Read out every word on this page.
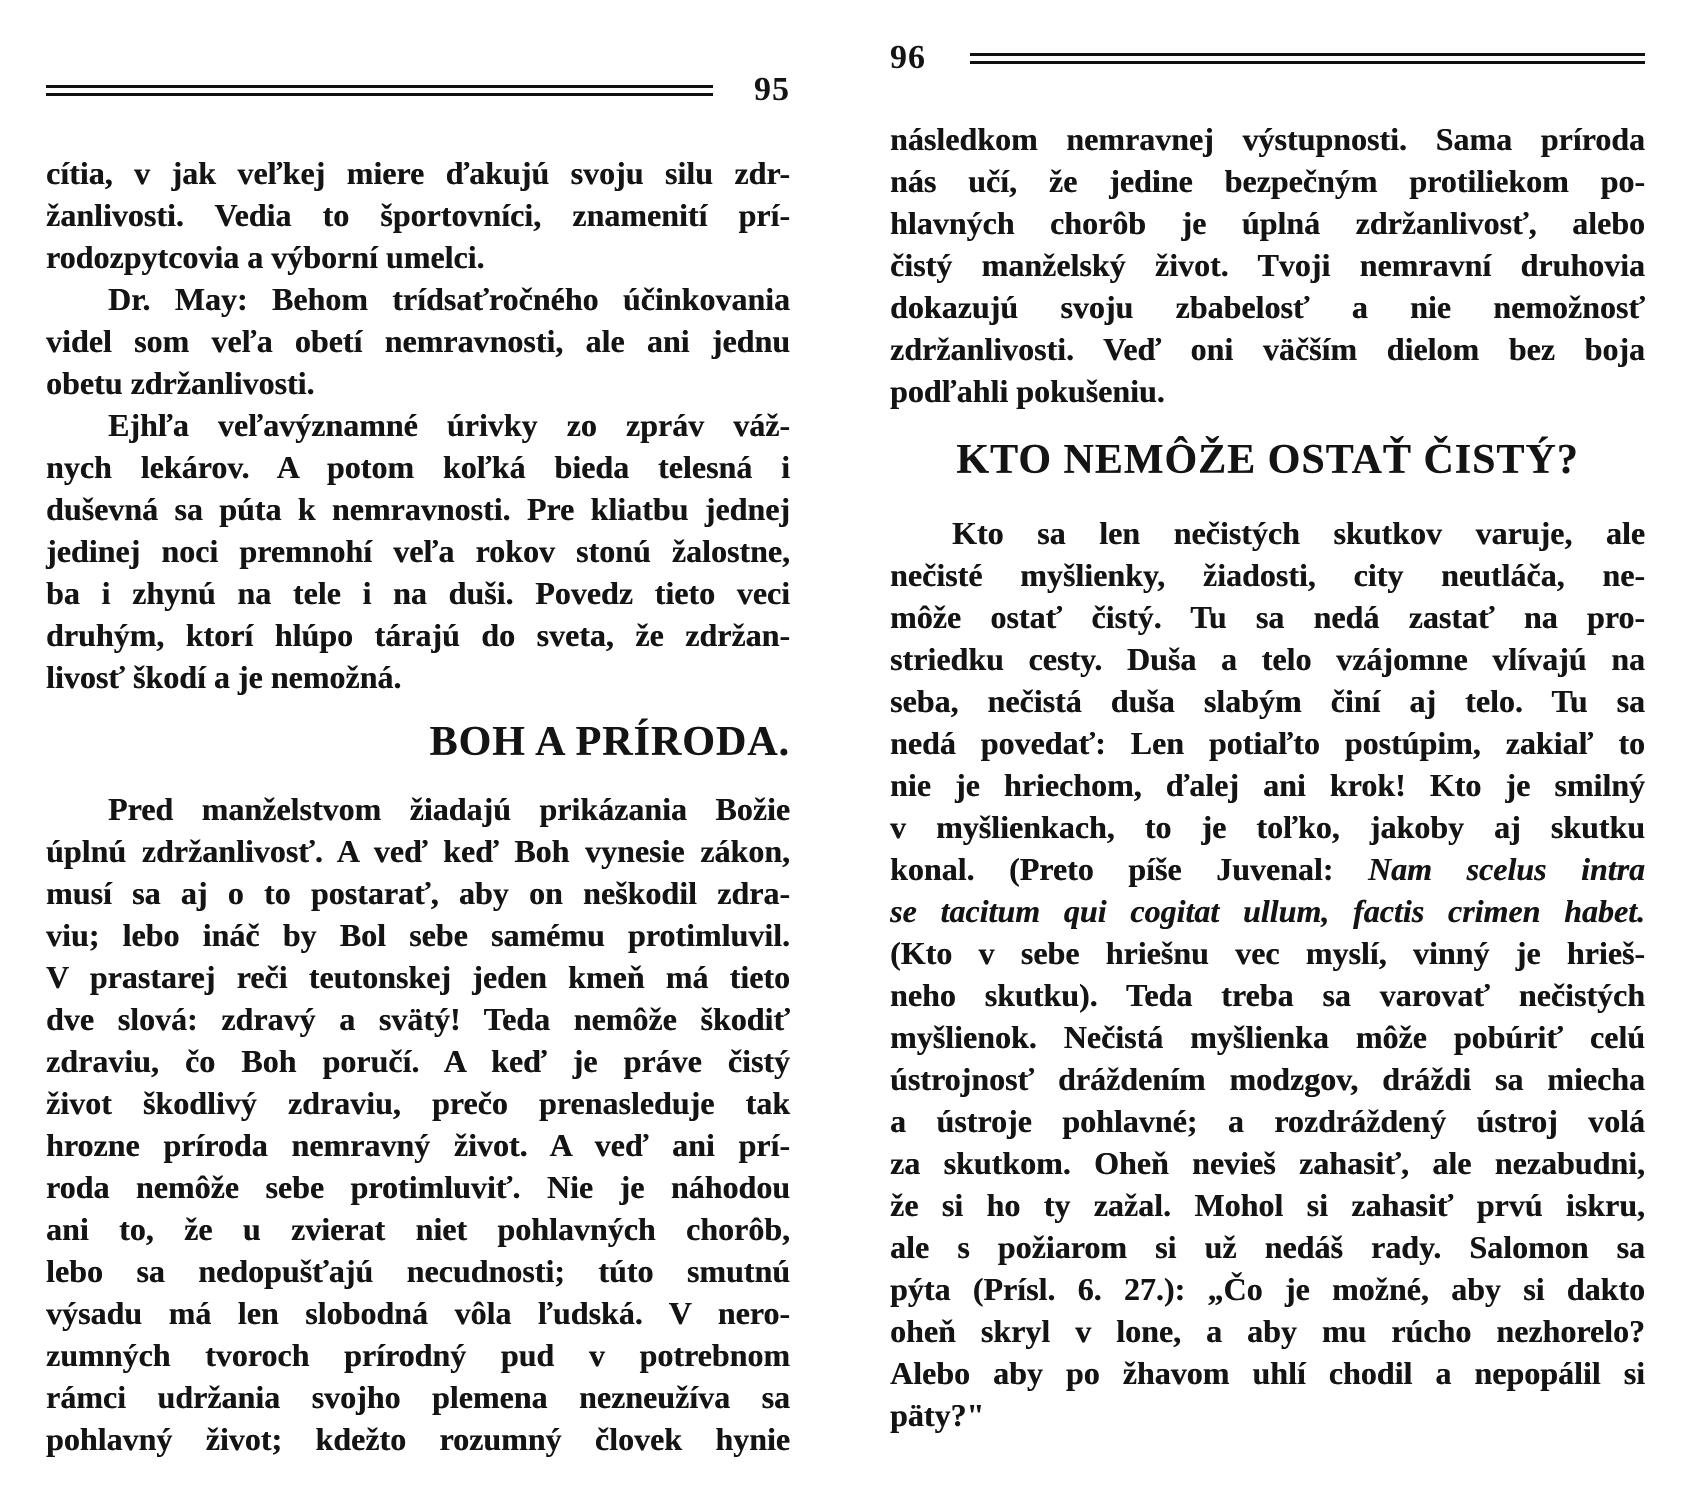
95
cítia, v jak veľkej miere ďakujú svoju silu zdr-
žanlivosti. Vedia to športovníci, znamenití prí-
rodozpytcovia a výborní umelci.
Dr. May: Behom trídsaťročného účinkovania
videl som veľa obetí nemravnosti, ale ani jednu
obetu zdržanlivosti.
Ejhľa veľavýznamné úrivky zo zpráv váž-
nych lekárov. A potom koľká bieda telesná i
duševná sa púta k nemravnosti. Pre kliatbu jednej
jedinej noci premnohí veľa rokov stonú žalostne,
ba i zhynú na tele i na duši. Povedz tieto veci
druhým, ktorí hlúpo tárajú do sveta, že zdržan-
livosť škodí a je nemožná.
BOH A PRÍRODA.
Pred manželstvom žiadajú prikázania Božie
úplnú zdržanlivosť. A veď keď Boh vynesie zákon,
musí sa aj o to postarať, aby on neškodil zdra-
viu; lebo ináč by Bol sebe samému protimluvil.
V prastarej reči teutonskej jeden kmeň má tieto
dve slová: zdravý a svätý! Teda nemôže škodiť
zdraviu, čo Boh poručí. A keď je práve čistý
život škodlivý zdraviu, prečo prenasleduje tak
hrozne príroda nemravný život. A veď ani prí-
roda nemôže sebe protimluviť. Nie je náhodou
ani to, že u zvierat niet pohlavných chorôb,
lebo sa nedopušťajú necudnosti; túto smutnú
výsadu má len slobodná vôla ľudská. V nero-
zumných tvoroch prírodný pud v potrebnom
rámci udržania svojho plemena nezneužíva sa
pohlavný život; kdežto rozumný človek hynie
96
následkom nemravnej výstupnosti. Sama príroda
nás učí, že jedine bezpečným protiliekom po-
hlavných chorôb je úplná zdržanlivosť, alebo
čistý manželský život. Tvoji nemravní druhovia
dokazujú svoju zbabelosť a nie nemožnosť
zdržanlivosti. Veď oni väčším dielom bez boja
podľahli pokušeniu.
KTO NEMÔŽE OSTAŤ ČISTÝ?
Kto sa len nečistých skutkov varuje, ale
nečisté myšlienky, žiadosti, city neutláča, ne-
môže ostať čistý. Tu sa nedá zastať na pro-
striedku cesty. Duša a telo vzájomne vlívajú na
seba, nečistá duša slabým činí aj telo. Tu sa
nedá povedať: Len potiaľto postúpim, zakiaľ to
nie je hriechom, ďalej ani krok! Kto je smilný
v myšlienkach, to je toľko, jakoby aj skutku
konal. (Preto píše Juvenal: Nam scelus intra
se tacitum qui cogitat ullum, factis crimen habet.
(Kto v sebe hriešnu vec myslí, vinný je hrieš-
neho skutku). Teda treba sa varovať nečistých
myšlienok. Nečistá myšlienka môže pobúriť celú
ústrojnosť dráždením modzgov, dráždi sa miecha
a ústroje pohlavné; a rozdráždený ústroj volá
za skutkom. Oheň nevieš zahasiť, ale nezabudni,
že si ho ty zažal. Mohol si zahasiť prvú iskru,
ale s požiarom si už nedáš rady. Salomon sa
pýta (Prísl. 6. 27.): „Čo je možné, aby si dakto
oheň skryl v lone, a aby mu rúcho nezhorelo?
Alebo aby po žhavom uhlí chodil a nepopálil si
päty?"
